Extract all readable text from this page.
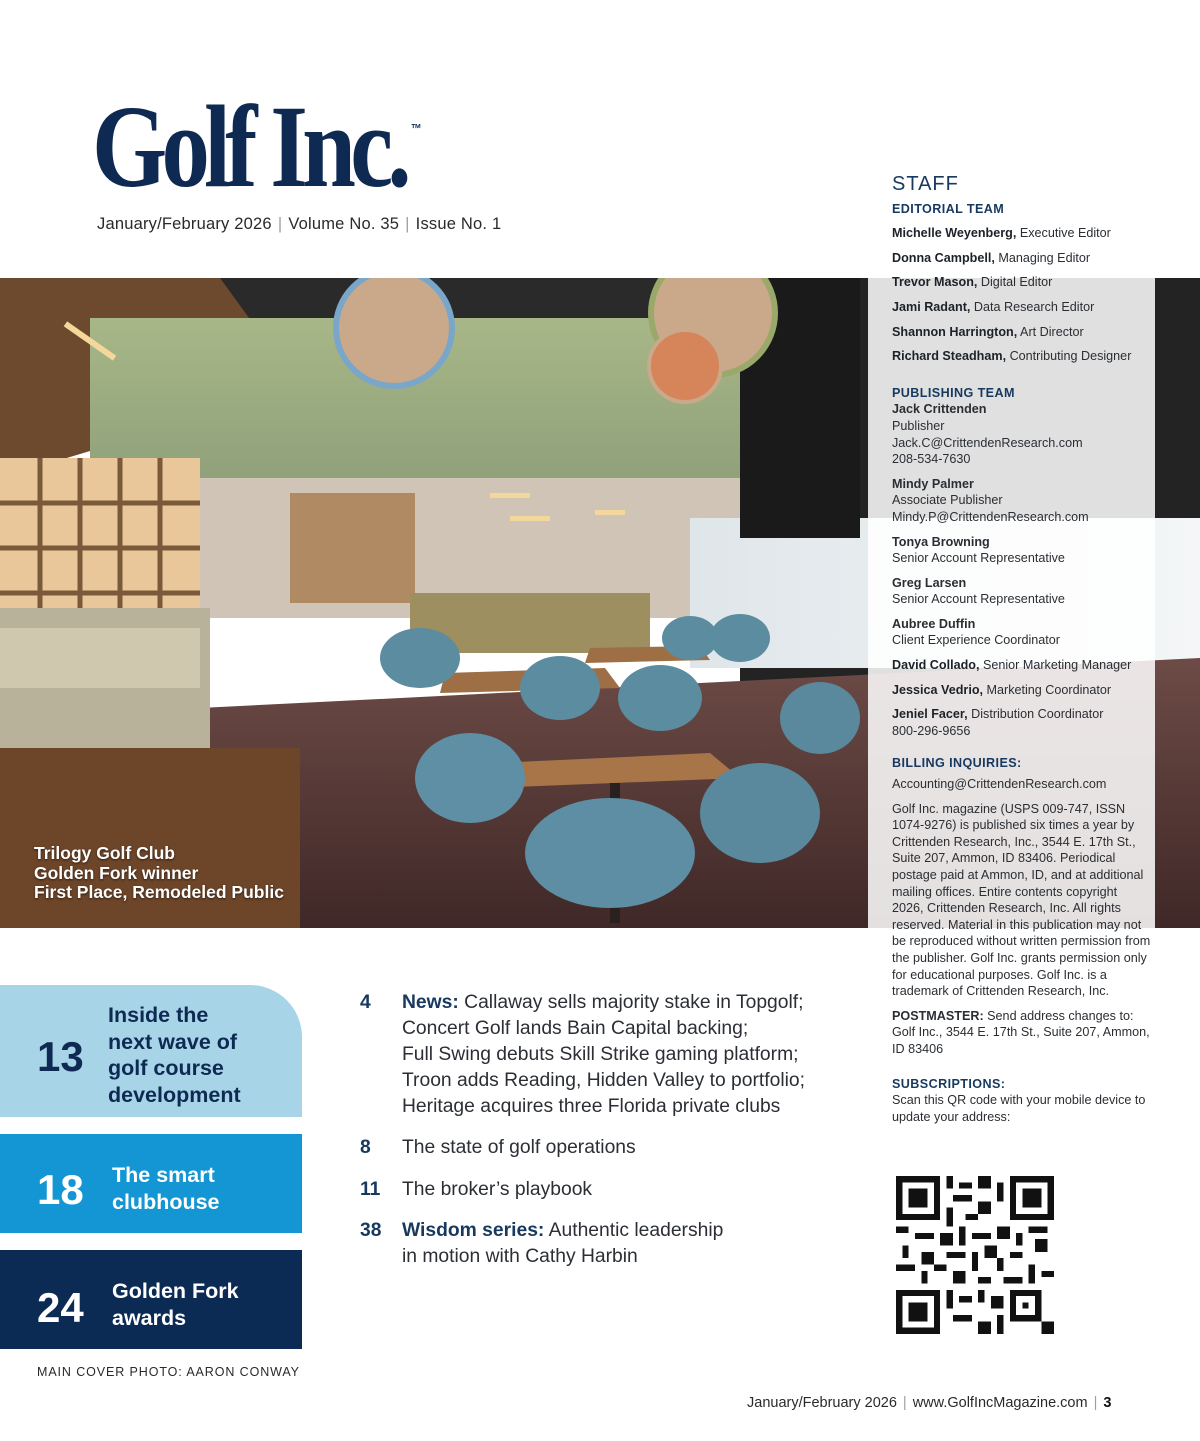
Golf Inc. ™
January/February 2026 | Volume No. 35 | Issue No. 1
Trilogy Golf Club
Golden Fork winner
First Place, Remodeled Public
STAFF
EDITORIAL TEAM
Michelle Weyenberg, Executive Editor
Donna Campbell, Managing Editor
Trevor Mason, Digital Editor
Jami Radant, Data Research Editor
Shannon Harrington, Art Director
Richard Steadham, Contributing Designer
PUBLISHING TEAM
Jack Crittenden
Publisher
Jack.C@CrittendenResearch.com
208-534-7630
Mindy Palmer
Associate Publisher
Mindy.P@CrittendenResearch.com
Tonya Browning
Senior Account Representative
Greg Larsen
Senior Account Representative
Aubree Duffin
Client Experience Coordinator
David Collado, Senior Marketing Manager
Jessica Vedrio, Marketing Coordinator
Jeniel Facer, Distribution Coordinator
800-296-9656
BILLING INQUIRIES:
Accounting@CrittendenResearch.com
Golf Inc. magazine (USPS 009-747, ISSN 1074-9276) is published six times a year by Crittenden Research, Inc., 3544 E. 17th St., Suite 207, Ammon, ID 83406. Periodical postage paid at Ammon, ID, and at additional mailing offices. Entire contents copyright 2026, Crittenden Research, Inc. All rights reserved. Material in this publication may not be reproduced without written permission from the publisher. Golf Inc. grants permission only for educational purposes. Golf Inc. is a trademark of Crittenden Research, Inc.
POSTMASTER: Send address changes to: Golf Inc., 3544 E. 17th St., Suite 207, Ammon, ID 83406
SUBSCRIPTIONS:
Scan this QR code with your mobile device to update your address:
13
Inside the
next wave of
golf course
development
18 The smart
clubhouse
24 Golden Fork
awards
MAIN COVER PHOTO: AARON CONWAY
4 News: Callaway sells majority stake in Topgolf;
Concert Golf lands Bain Capital backing;
Full Swing debuts Skill Strike gaming platform;
Troon adds Reading, Hidden Valley to portfolio;
Heritage acquires three Florida private clubs
8 The state of golf operations
11 The broker’s playbook
38 Wisdom series: Authentic leadership
in motion with Cathy Harbin
January/February 2026 | www.GolfIncMagazine.com | 3
